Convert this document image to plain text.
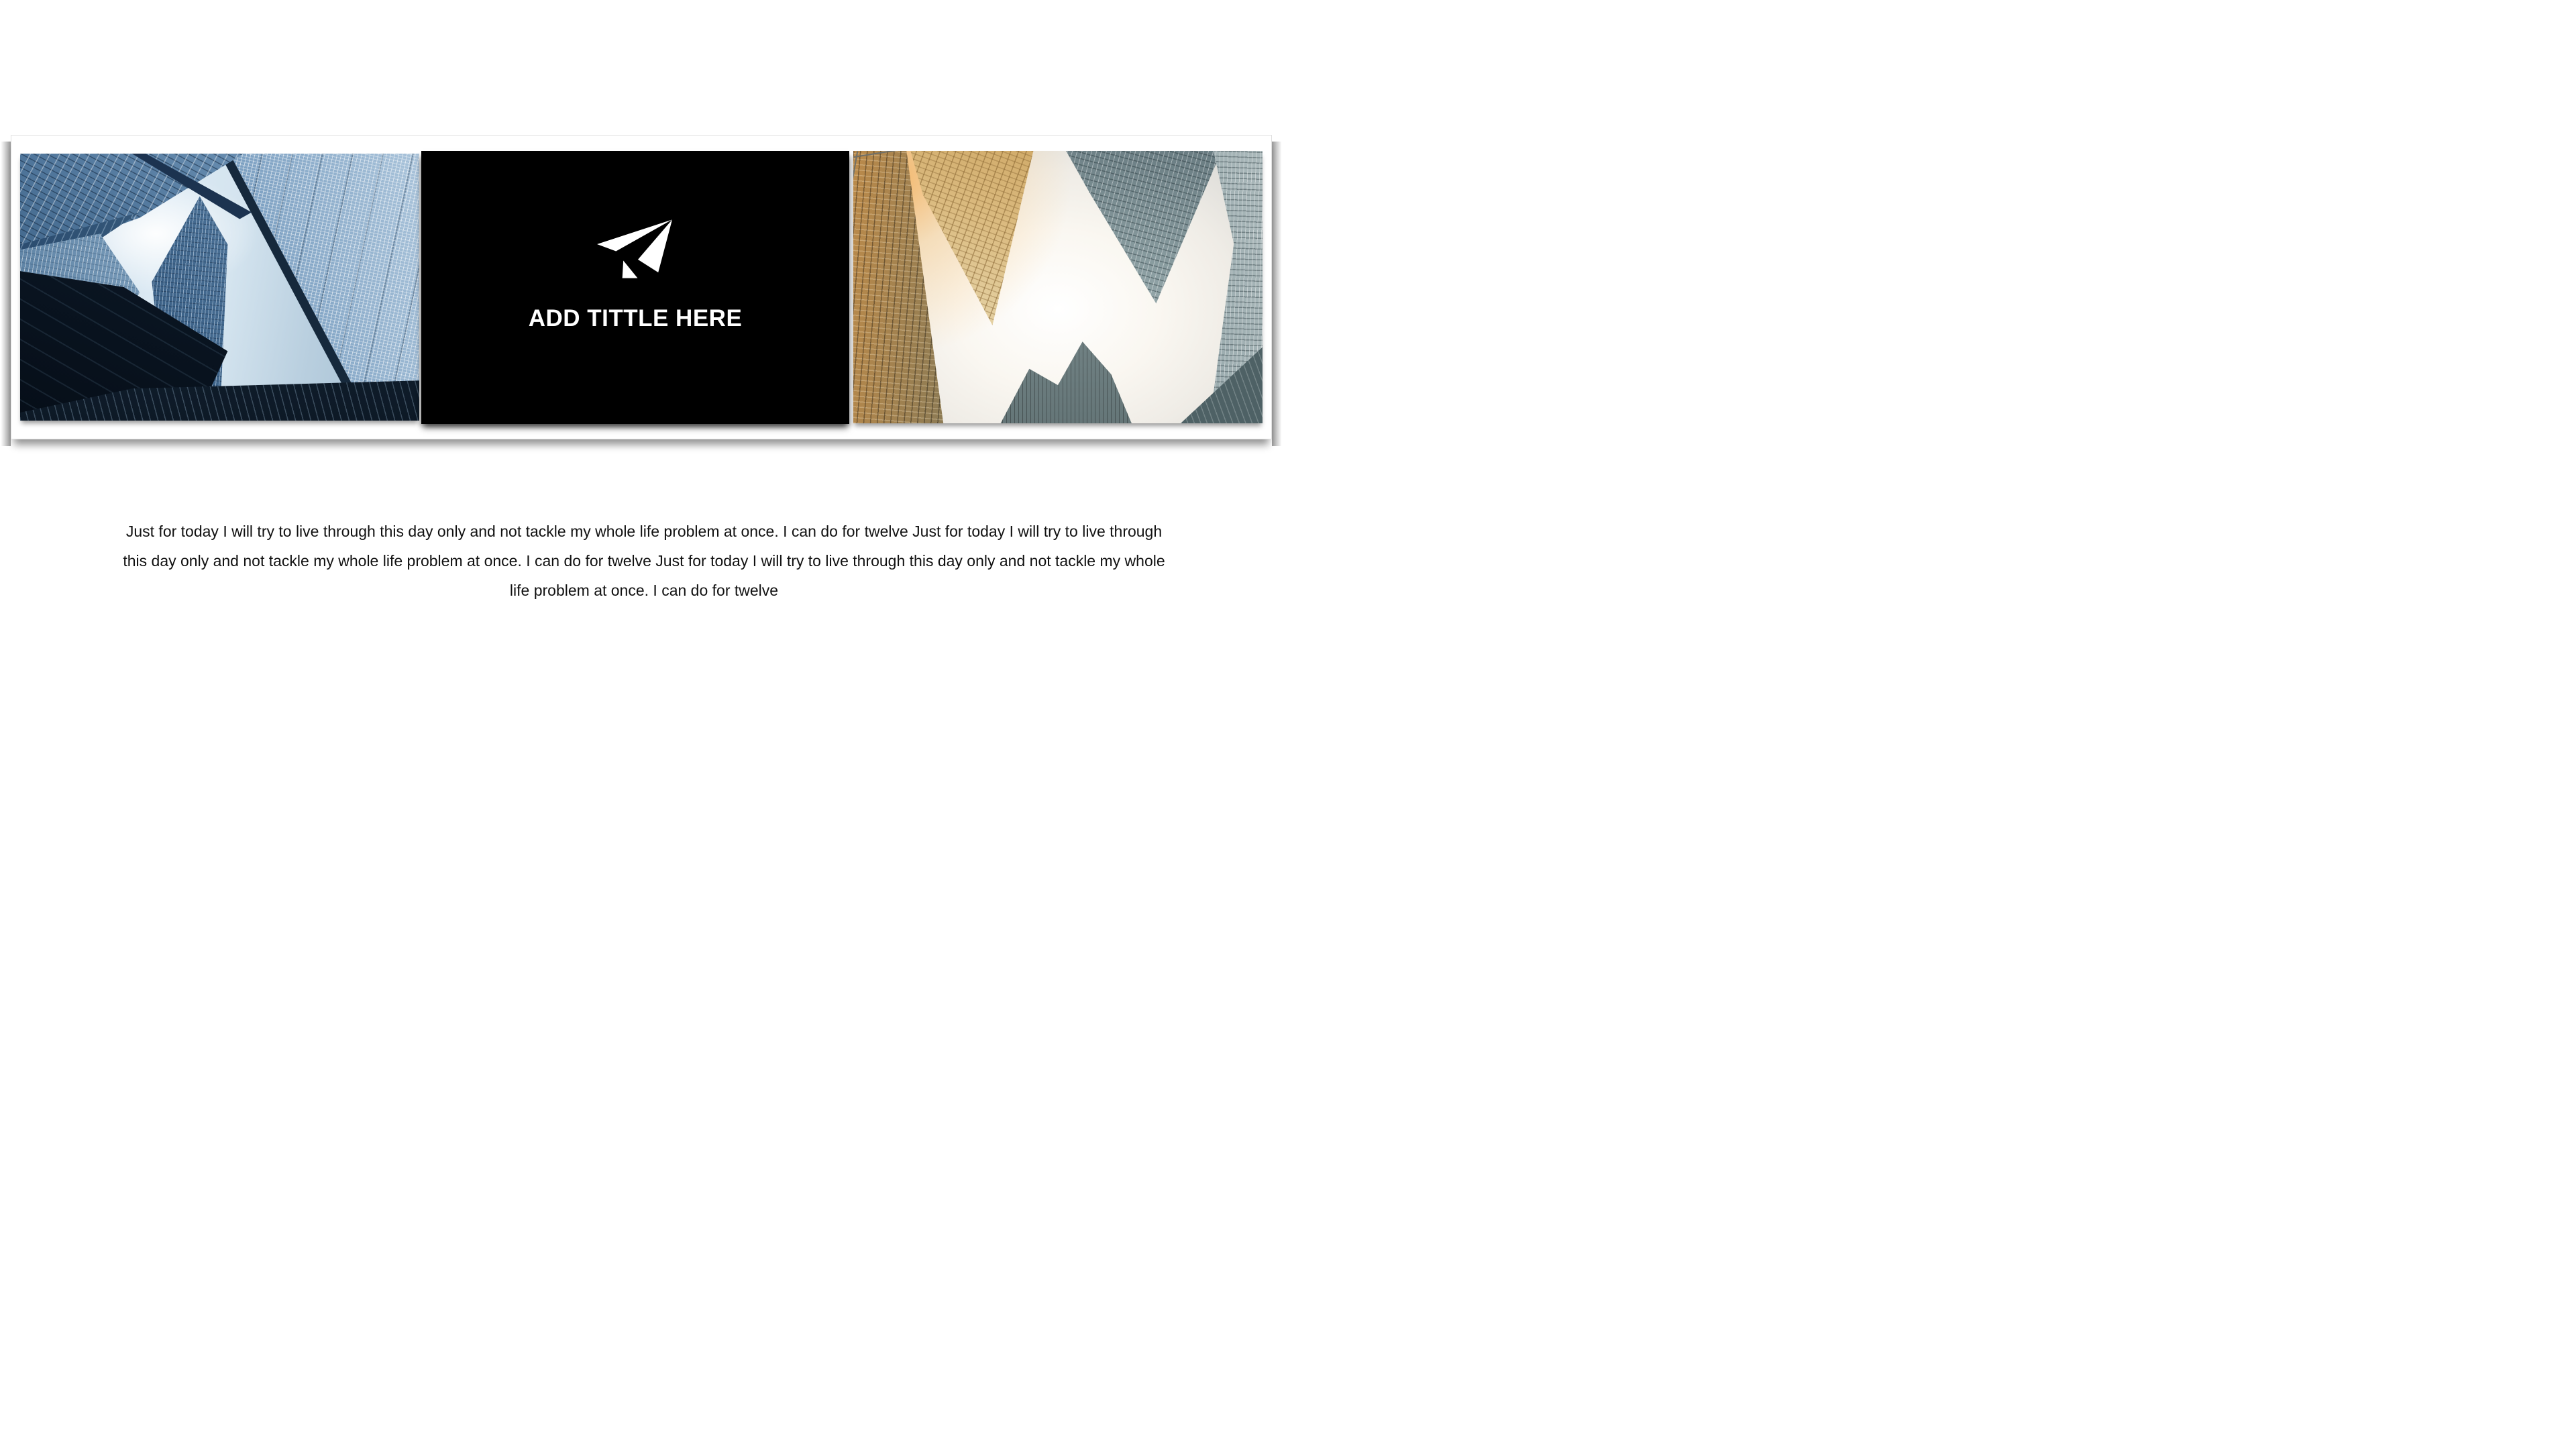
ADD TITTLE HERE

Just for today I will try to live through this day only and not tackle my whole life problem at once. I can do for twelve Just for today I will try to live through
this day only and not tackle my whole life problem at once. I can do for twelve Just for today I will try to live through this day only and not tackle my whole
life problem at once. I can do for twelve
